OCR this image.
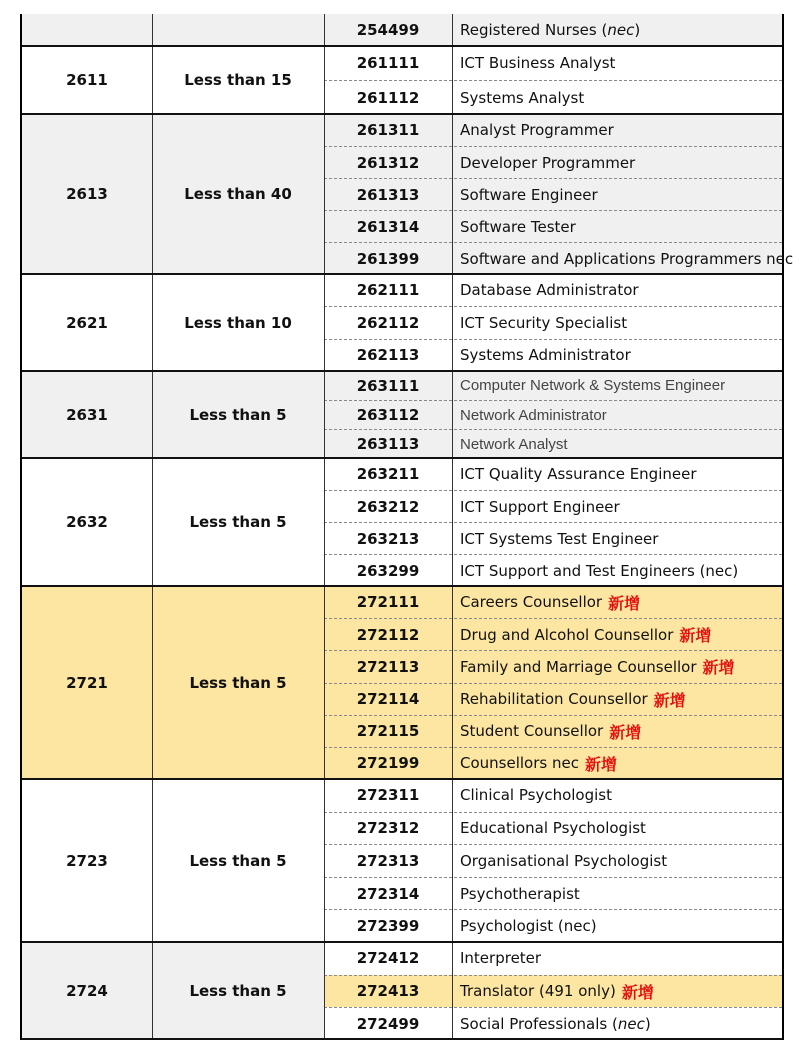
254499	Registered Nurses ( nec )
2611	Less than 15
261111	ICT Business Analyst
261112	Systems Analyst
2613	Less than 40
261311	Analyst Programmer
261312	Developer Programmer
261313	Software Engineer
261314	Software Tester
261399	Software and Applications Programmers nec
2621	Less than 10
262111	Database Administrator
262112	ICT Security Specialist
262113	Systems Administrator
2631	Less than 5
263111	Computer Network & Systems Engineer
263112	Network Administrator
263113	Network Analyst
2632	Less than 5
263211	ICT Quality Assurance Engineer
263212	ICT Support Engineer
263213	ICT Systems Test Engineer
263299	ICT Support and Test Engineers (nec)
2721	Less than 5
272111	Careers Counsellor 新增
272112	Drug and Alcohol Counsellor 新增
272113	Family and Marriage Counsellor 新增
272114	Rehabilitation Counsellor 新增
272115	Student Counsellor 新增
272199	Counsellors nec 新增
2723	Less than 5
272311	Clinical Psychologist
272312	Educational Psychologist
272313	Organisational Psychologist
272314	Psychotherapist
272399	Psychologist (nec)
2724	Less than 5
272412	Interpreter
272413	Translator (491 only) 新增
272499	Social Professionals ( nec )
